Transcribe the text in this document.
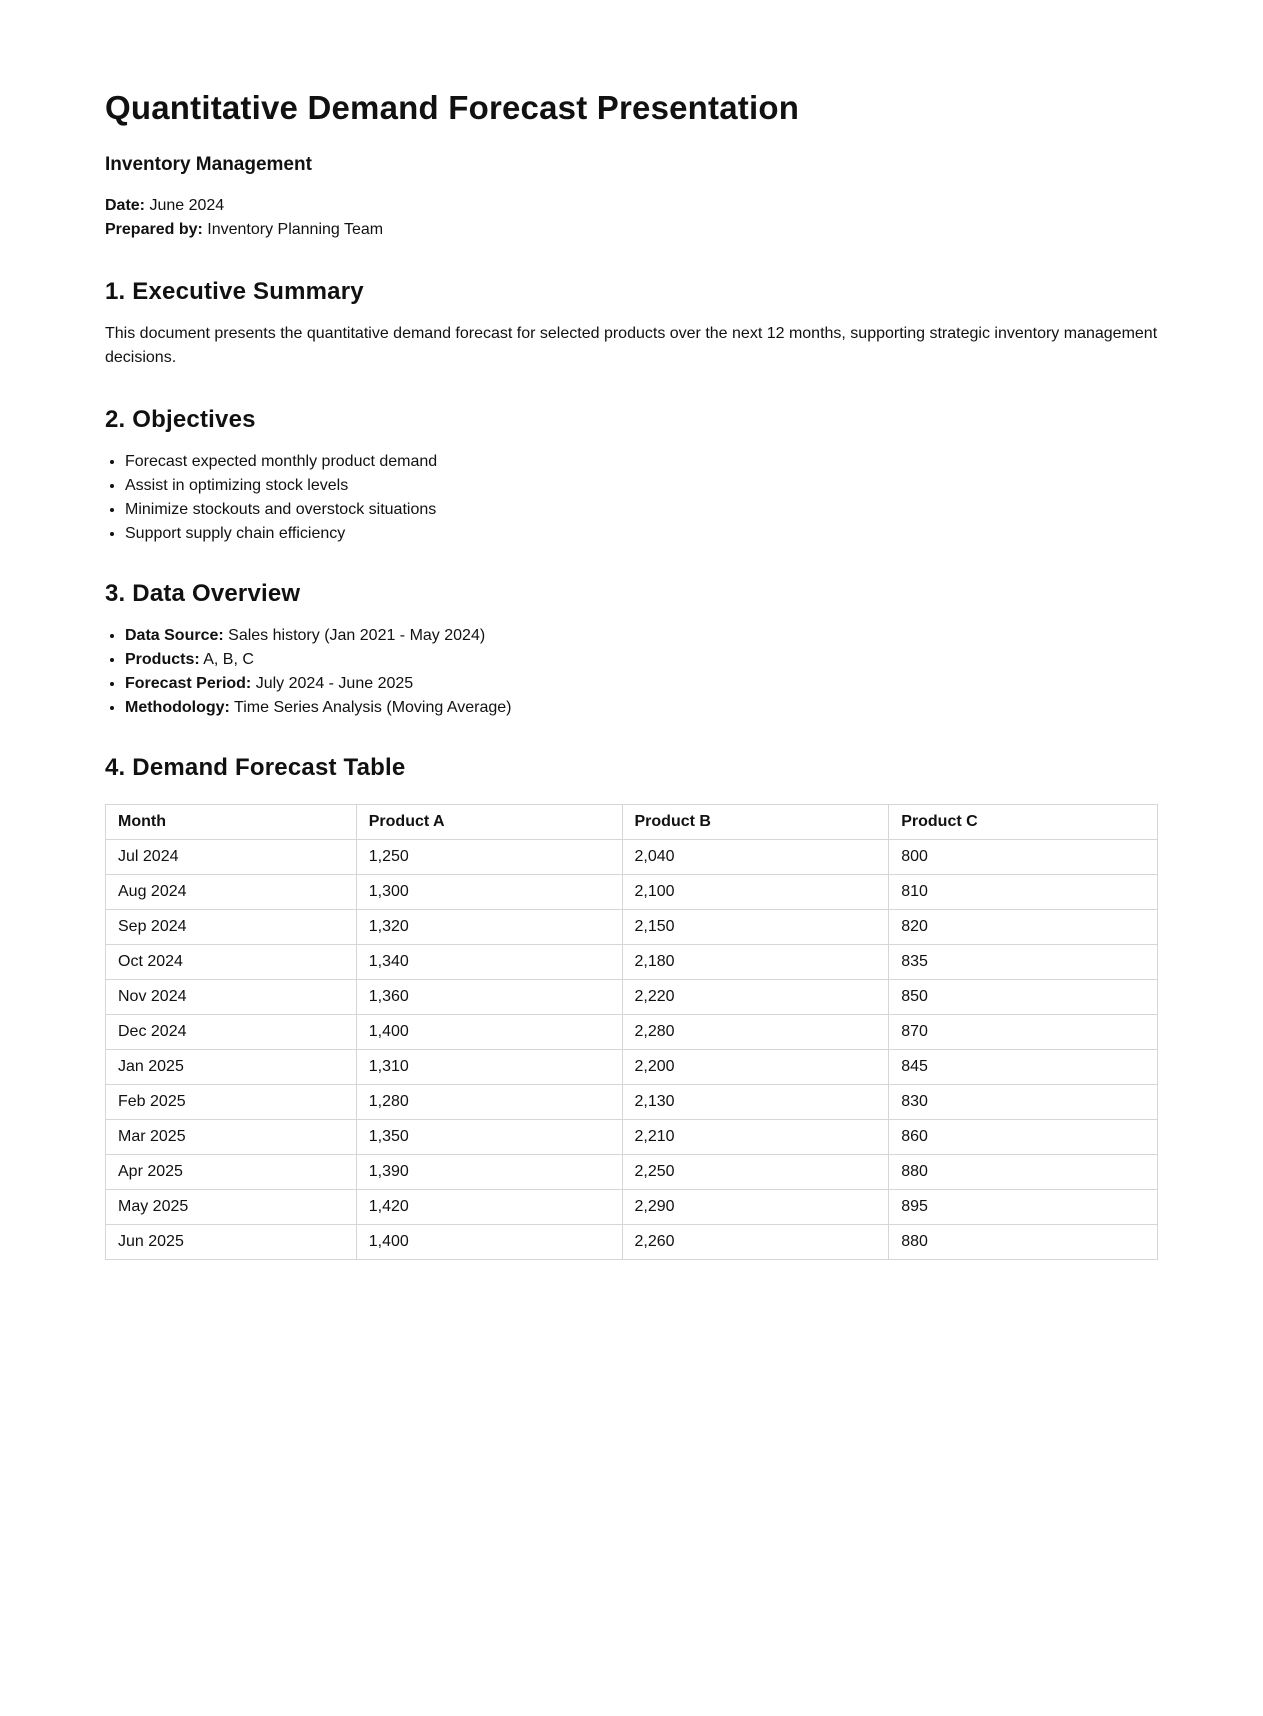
Quantitative Demand Forecast Presentation
Inventory Management
Date: June 2024
Prepared by: Inventory Planning Team
1. Executive Summary
This document presents the quantitative demand forecast for selected products over the next 12 months, supporting strategic inventory management decisions.
2. Objectives
• Forecast expected monthly product demand
• Assist in optimizing stock levels
• Minimize stockouts and overstock situations
• Support supply chain efficiency
3. Data Overview
• Data Source: Sales history (Jan 2021 - May 2024)
• Products: A, B, C
• Forecast Period: July 2024 - June 2025
• Methodology: Time Series Analysis (Moving Average)
4. Demand Forecast Table
Month	Product A	Product B	Product C
Jul 2024	1,250	2,040	800
Aug 2024	1,300	2,100	810
Sep 2024	1,320	2,150	820
Oct 2024	1,340	2,180	835
Nov 2024	1,360	2,220	850
Dec 2024	1,400	2,280	870
Jan 2025	1,310	2,200	845
Feb 2025	1,280	2,130	830
Mar 2025	1,350	2,210	860
Apr 2025	1,390	2,250	880
May 2025	1,420	2,290	895
Jun 2025	1,400	2,260	880
